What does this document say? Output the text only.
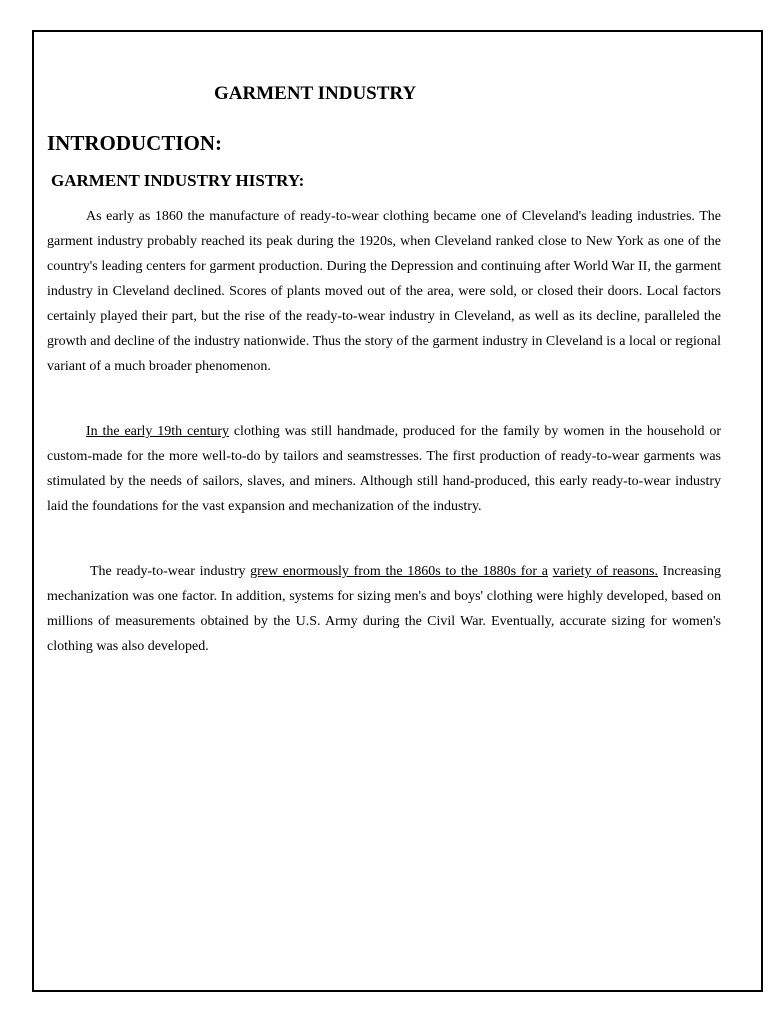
GARMENT INDUSTRY
INTRODUCTION:
GARMENT INDUSTRY HISTRY:

As early as 1860 the manufacture of ready-to-wear clothing became one of Cleveland's leading industries. The garment industry probably reached its peak during the 1920s, when Cleveland ranked close to New York as one of the country's leading centers for garment production. During the Depression and continuing after World War II, the garment industry in Cleveland declined. Scores of plants moved out of the area, were sold, or closed their doors. Local factors certainly played their part, but the rise of the ready-to-wear industry in Cleveland, as well as its decline, paralleled the growth and decline of the industry nationwide. Thus the story of the garment industry in Cleveland is a local or regional variant of a much broader phenomenon.

In the early 19th century clothing was still handmade, produced for the family by women in the household or custom-made for the more well-to-do by tailors and seamstresses. The first production of ready-to-wear garments was stimulated by the needs of sailors, slaves, and miners. Although still hand-produced, this early ready-to-wear industry laid the foundations for the vast expansion and mechanization of the industry.

The ready-to-wear industry grew enormously from the 1860s to the 1880s for a variety of reasons. Increasing mechanization was one factor. In addition, systems for sizing men's and boys' clothing were highly developed, based on millions of measurements obtained by the U.S. Army during the Civil War. Eventually, accurate sizing for women's clothing was also developed.
